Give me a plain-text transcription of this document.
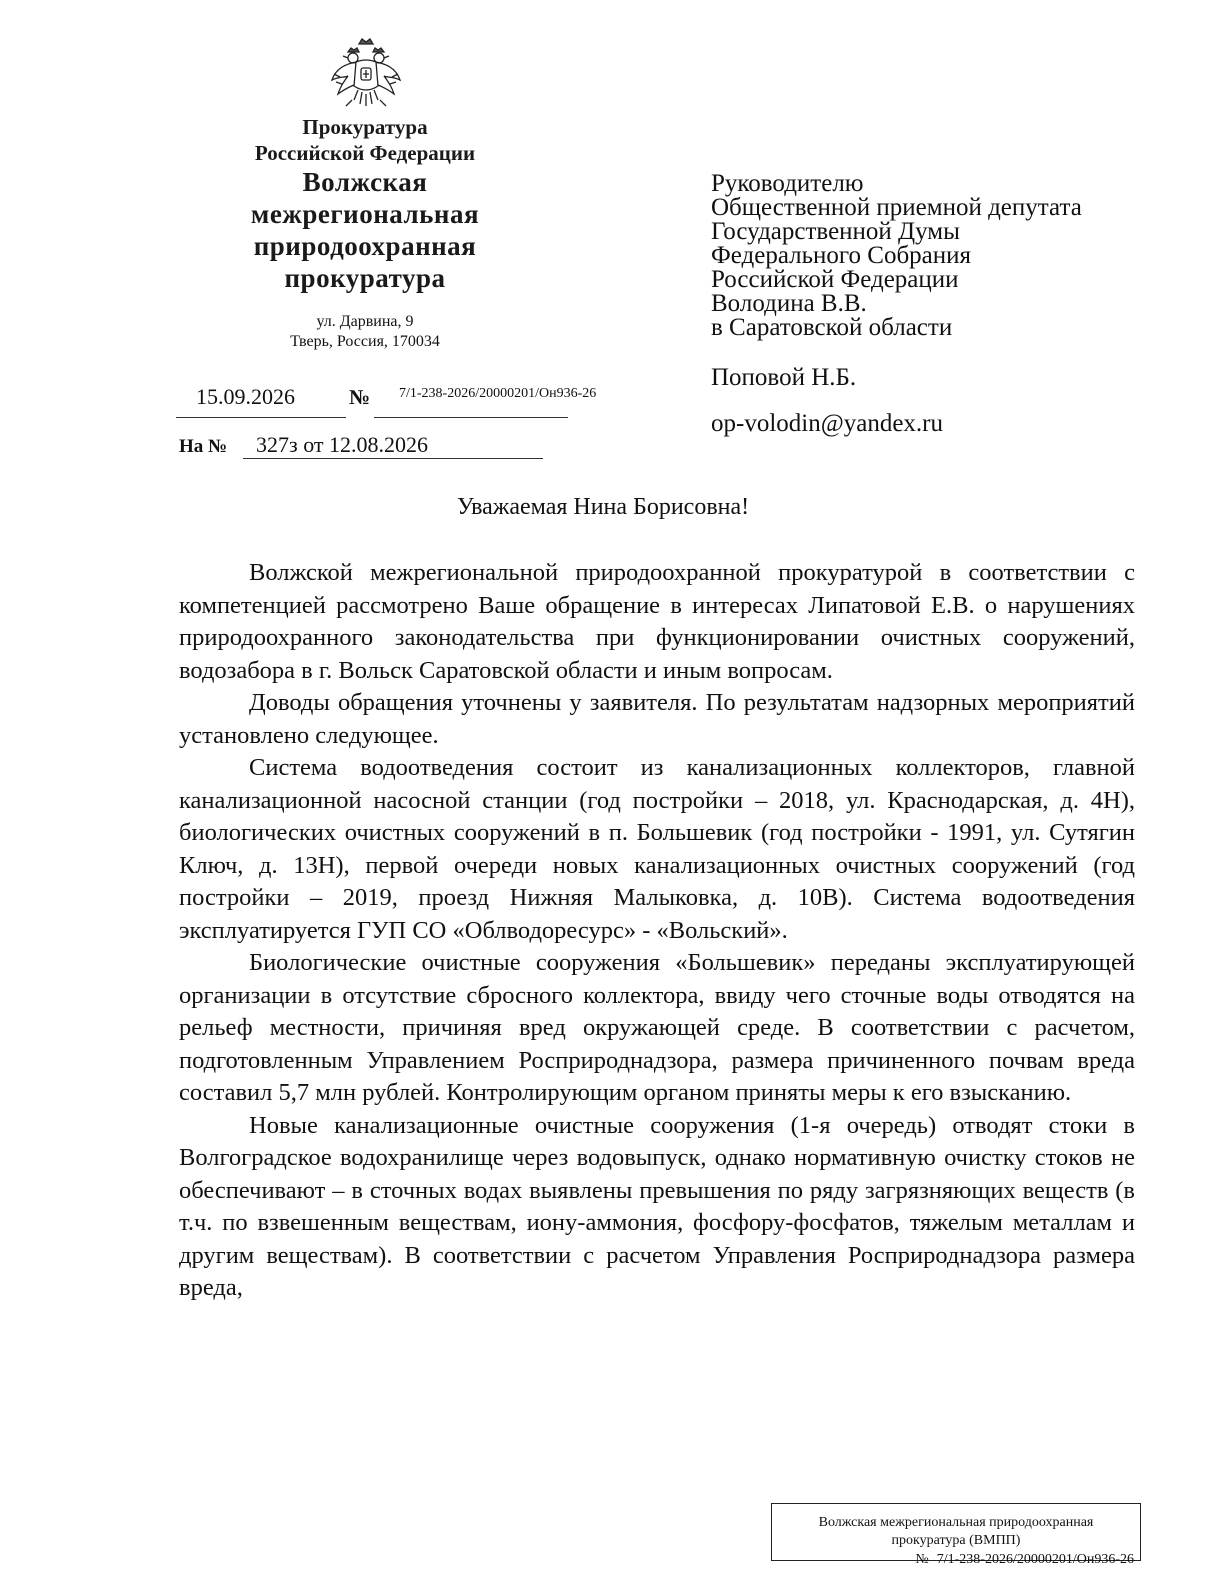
Прокуратура
Российской Федерации
Волжская
межрегиональная
природоохранная
прокуратура
ул. Дарвина, 9
Тверь, Россия, 170034
15.09.2026	№ 7/1-238-2026/20000201/Он936-26
На № 327з от 12.08.2026
Руководителю
Общественной приемной депутата
Государственной Думы
Федерального Собрания
Российской Федерации
Володина В.В.
в Саратовской области
Поповой Н.Б.
op-volodin@yandex.ru
Уважаемая Нина Борисовна!

Волжской межрегиональной природоохранной прокуратурой в соответствии с компетенцией рассмотрено Ваше обращение в интересах Липатовой Е.В. о нарушениях природоохранного законодательства при функционировании очистных сооружений, водозабора в г. Вольск Саратовской области и иным вопросам.

Доводы обращения уточнены у заявителя. По результатам надзорных мероприятий установлено следующее.

Система водоотведения состоит из канализационных коллекторов, главной канализационной насосной станции (год постройки – 2018, ул. Краснодарская, д. 4Н), биологических очистных сооружений в п. Большевик (год постройки - 1991, ул. Сутягин Ключ, д. 13Н), первой очереди новых канализационных очистных сооружений (год постройки – 2019, проезд Нижняя Малыковка, д. 10В). Система водоотведения эксплуатируется ГУП СО «Облводоресурс» - «Вольский».

Биологические очистные сооружения «Большевик» переданы эксплуатирующей организации в отсутствие сбросного коллектора, ввиду чего сточные воды отводятся на рельеф местности, причиняя вред окружающей среде. В соответствии с расчетом, подготовленным Управлением Росприроднадзора, размера причиненного почвам вреда составил 5,7 млн рублей. Контролирующим органом приняты меры к его взысканию.

Новые канализационные очистные сооружения (1-я очередь) отводят стоки в Волгоградское водохранилище через водовыпуск, однако нормативную очистку стоков не обеспечивают – в сточных водах выявлены превышения по ряду загрязняющих веществ (в т.ч. по взвешенным веществам, иону-аммония, фосфору-фосфатов, тяжелым металлам и другим веществам). В соответствии с расчетом Управления Росприроднадзора размера вреда,

Волжская межрегиональная природоохранная
прокуратура (ВМПП)
№ 7/1-238-2026/20000201/Он936-26
